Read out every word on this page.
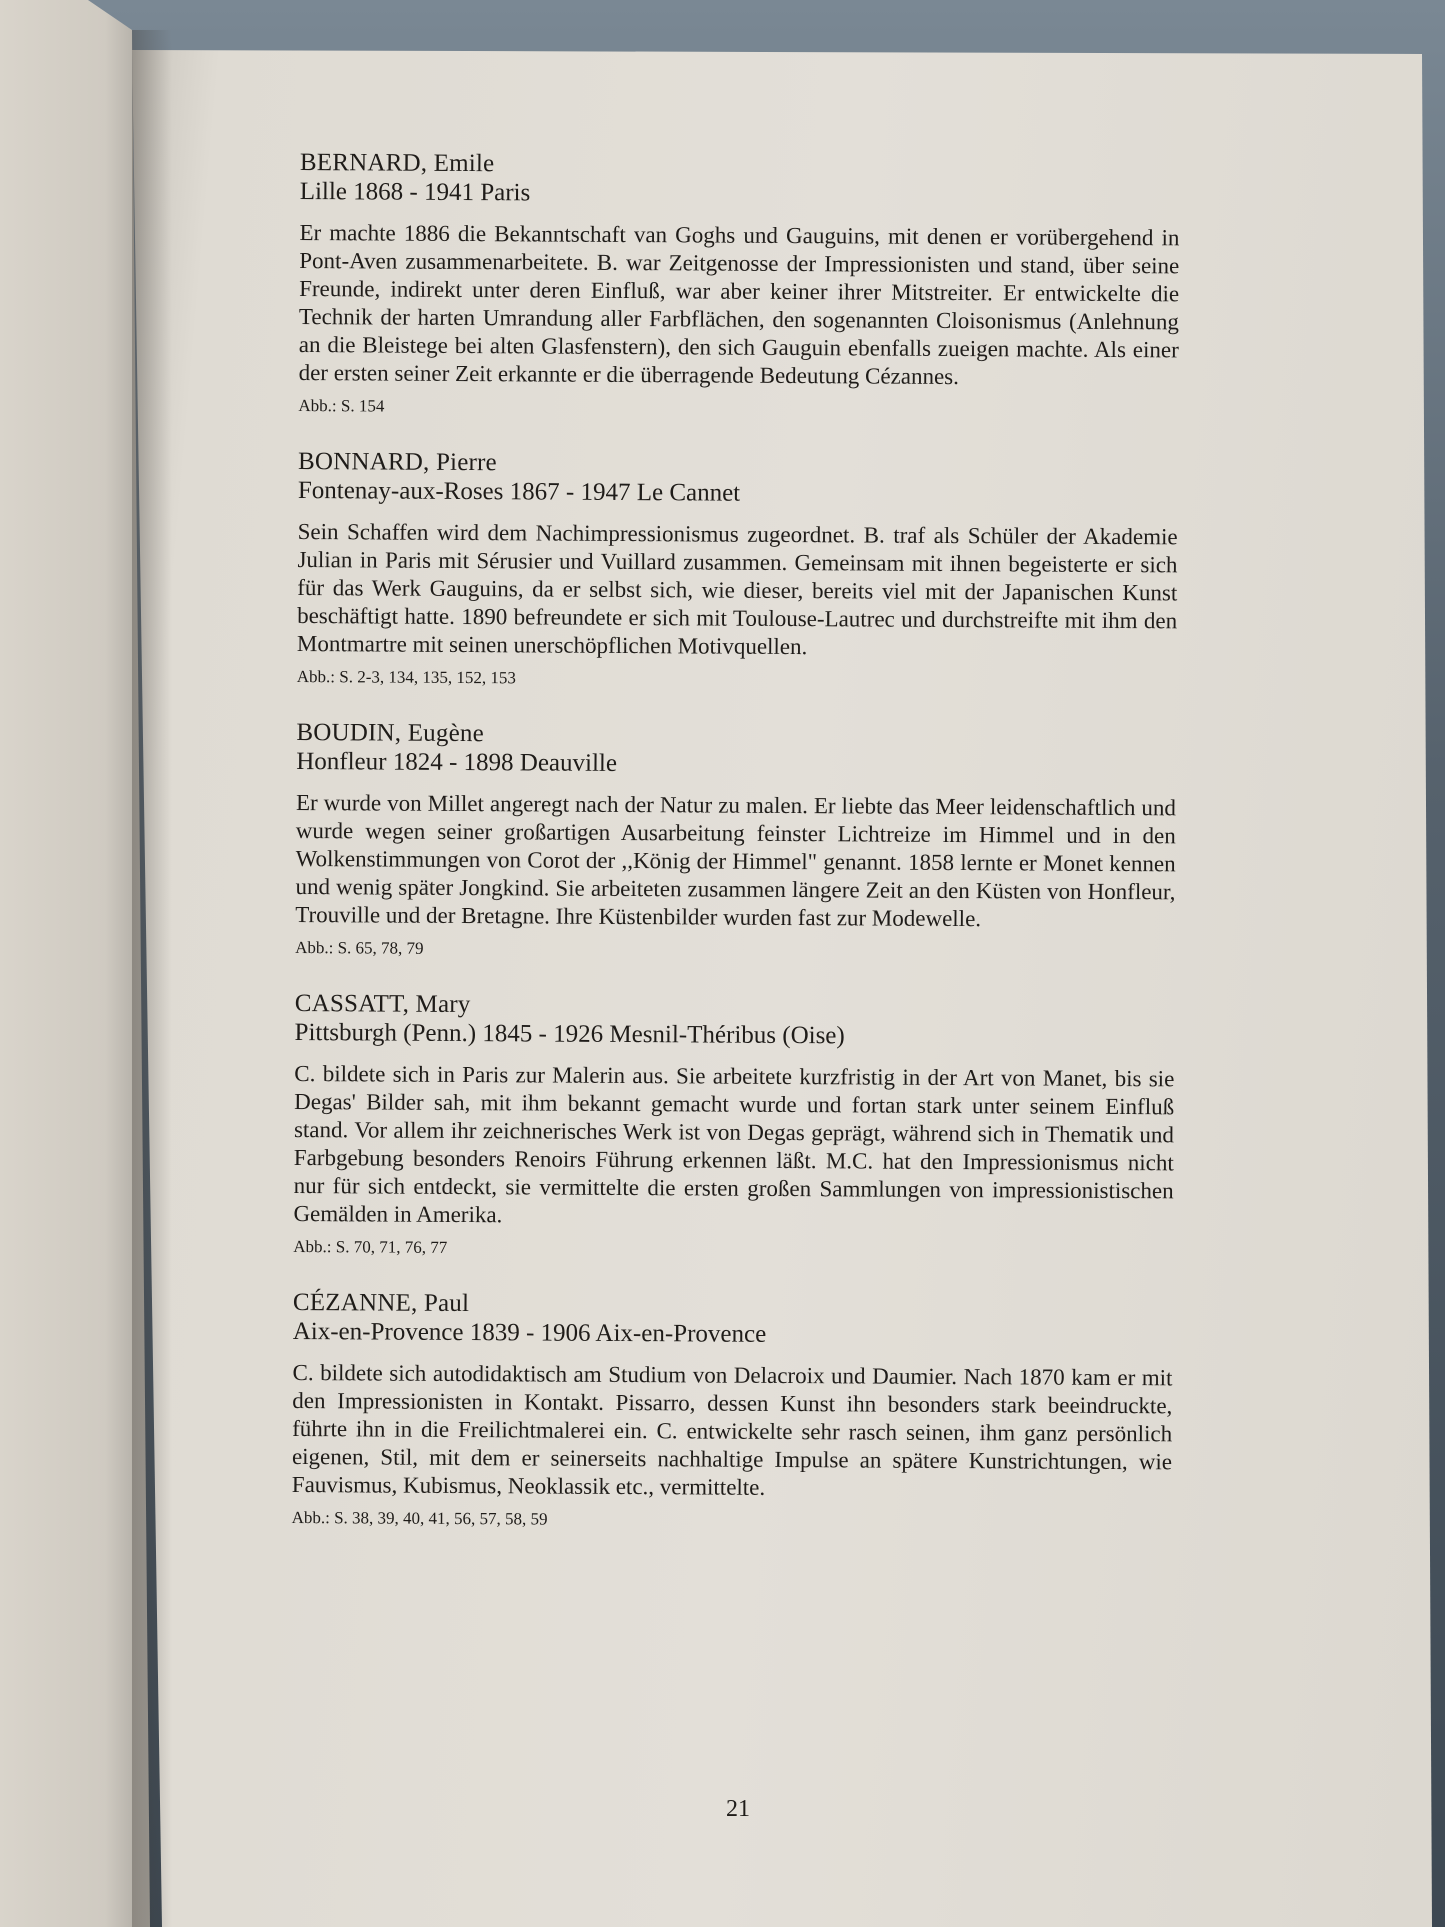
BERNARD, Emile
Lille 1868 - 1941 Paris

Er machte 1886 die Bekanntschaft van Goghs und Gauguins, mit denen er vorübergehend in Pont-Aven zusammenarbeitete. B. war Zeitgenosse der Impressionisten und stand, über seine Freunde, indirekt unter deren Einfluß, war aber keiner ihrer Mitstreiter. Er entwickelte die Technik der harten Umrandung aller Farbflächen, den sogenannten Cloisonismus (Anlehnung an die Bleistege bei alten Glasfenstern), den sich Gauguin ebenfalls zueigen machte. Als einer der ersten seiner Zeit erkannte er die überragende Bedeutung Cézannes.

Abb.: S. 154
BONNARD, Pierre
Fontenay-aux-Roses 1867 - 1947 Le Cannet

Sein Schaffen wird dem Nachimpressionismus zugeordnet. B. traf als Schüler der Akademie Julian in Paris mit Sérusier und Vuillard zusammen. Gemeinsam mit ihnen begeisterte er sich für das Werk Gauguins, da er selbst sich, wie dieser, bereits viel mit der Japanischen Kunst beschäftigt hatte. 1890 befreundete er sich mit Toulouse-Lautrec und durchstreifte mit ihm den Montmartre mit seinen unerschöpflichen Motivquellen.

Abb.: S. 2-3, 134, 135, 152, 153
BOUDIN, Eugène
Honfleur 1824 - 1898 Deauville

Er wurde von Millet angeregt nach der Natur zu malen. Er liebte das Meer leidenschaftlich und wurde wegen seiner großartigen Ausarbeitung feinster Lichtreize im Himmel und in den Wolkenstimmungen von Corot der ,,König der Himmel" genannt. 1858 lernte er Monet kennen und wenig später Jongkind. Sie arbeiteten zusammen längere Zeit an den Küsten von Honfleur, Trouville und der Bretagne. Ihre Küstenbilder wurden fast zur Modewelle.

Abb.: S. 65, 78, 79
CASSATT, Mary
Pittsburgh (Penn.) 1845 - 1926 Mesnil-Théribus (Oise)

C. bildete sich in Paris zur Malerin aus. Sie arbeitete kurzfristig in der Art von Manet, bis sie Degas' Bilder sah, mit ihm bekannt gemacht wurde und fortan stark unter seinem Einfluß stand. Vor allem ihr zeichnerisches Werk ist von Degas geprägt, während sich in Thematik und Farbgebung besonders Renoirs Führung erkennen läßt. M.C. hat den Impressionismus nicht nur für sich entdeckt, sie vermittelte die ersten großen Sammlungen von impressionistischen Gemälden in Amerika.

Abb.: S. 70, 71, 76, 77
CÉZANNE, Paul
Aix-en-Provence 1839 - 1906 Aix-en-Provence

C. bildete sich autodidaktisch am Studium von Delacroix und Daumier. Nach 1870 kam er mit den Impressionisten in Kontakt. Pissarro, dessen Kunst ihn besonders stark beeindruckte, führte ihn in die Freilichtmalerei ein. C. entwickelte sehr rasch seinen, ihm ganz persönlich eigenen, Stil, mit dem er seinerseits nachhaltige Impulse an spätere Kunstrichtungen, wie Fauvismus, Kubismus, Neoklassik etc., vermittelte.

Abb.: S. 38, 39, 40, 41, 56, 57, 58, 59
21
